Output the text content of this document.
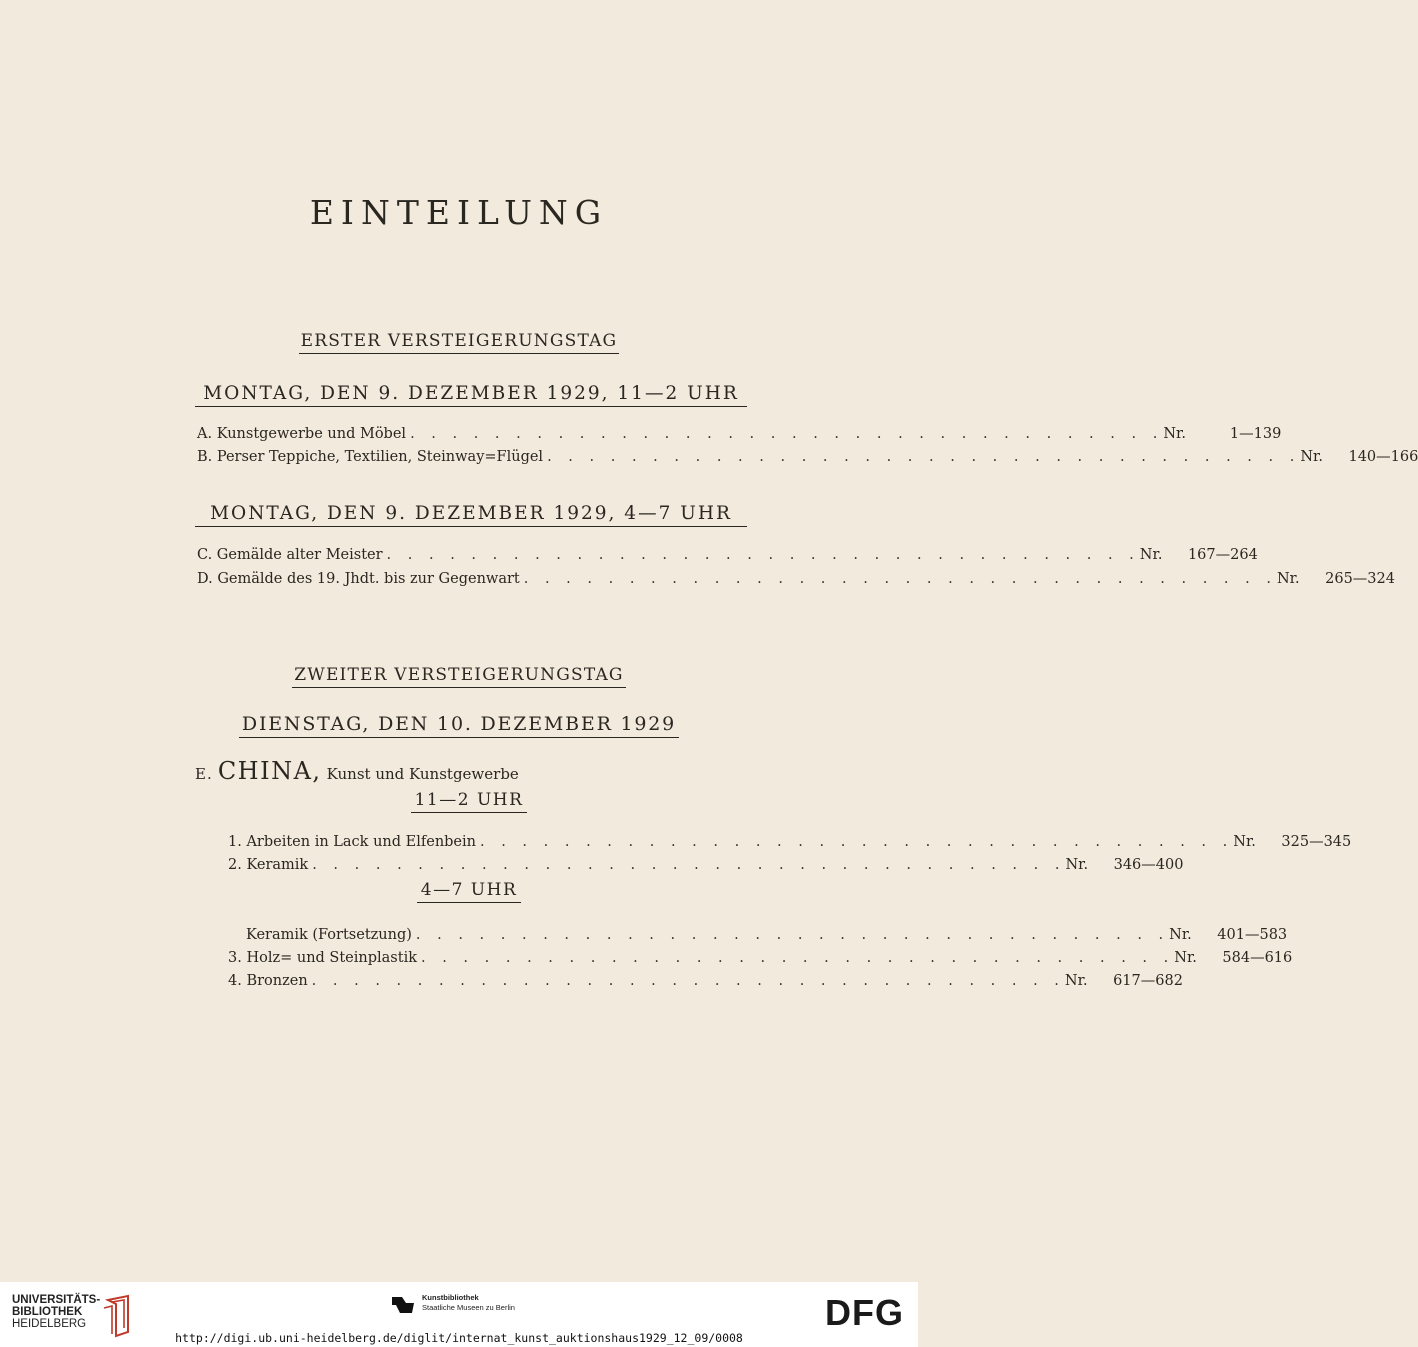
EINTEILUNG
ERSTER VERSTEIGERUNGSTAG
MONTAG, DEN 9. DEZEMBER 1929, 11—2 UHR
A. Kunstgewerbe und Möbel . . . . . . . . . . . . . . . . . . . . . . . . . . . . . . . . . . . . Nr.	1—139
B. Perser Teppiche, Textilien, Steinway=Flügel . . . . . . . . . . . . . . . . . . . . . . . . . . . . . . . . . . . . Nr. 140—166
MONTAG, DEN 9. DEZEMBER 1929, 4—7 UHR
C. Gemälde alter Meister . . . . . . . . . . . . . . . . . . . . . . . . . . . . . . . . . . . . Nr. 167—264
D. Gemälde des 19. Jhdt. bis zur Gegenwart . . . . . . . . . . . . . . . . . . . . . . . . . . . . . . . . . . . . Nr. 265—324
ZWEITER VERSTEIGERUNGSTAG
DIENSTAG, DEN 10. DEZEMBER 1929
E. CHINA, Kunst und Kunstgewerbe
11—2 UHR
1. Arbeiten in Lack und Elfenbein . . . . . . . . . . . . . . . . . . . . . . . . . . . . . . . . . . . . Nr. 325—345
2. Keramik . . . . . . . . . . . . . . . . . . . . . . . . . . . . . . . . . . . . Nr. 346—400
4—7 UHR
Keramik (Fortsetzung) . . . . . . . . . . . . . . . . . . . . . . . . . . . . . . . . . . . . Nr. 401—583
3. Holz= und Steinplastik . . . . . . . . . . . . . . . . . . . . . . . . . . . . . . . . . . . . Nr. 584—616
4. Bronzen . . . . . . . . . . . . . . . . . . . . . . . . . . . . . . . . . . . . Nr. 617—682
UNIVERSITÄTS-
BIBLIOTHEK
HEIDELBERG
Kunstbibliothek
Staatliche Museen zu Berlin	DFG
http://digi.ub.uni-heidelberg.de/diglit/internat_kunst_auktionshaus1929_12_09/0008
